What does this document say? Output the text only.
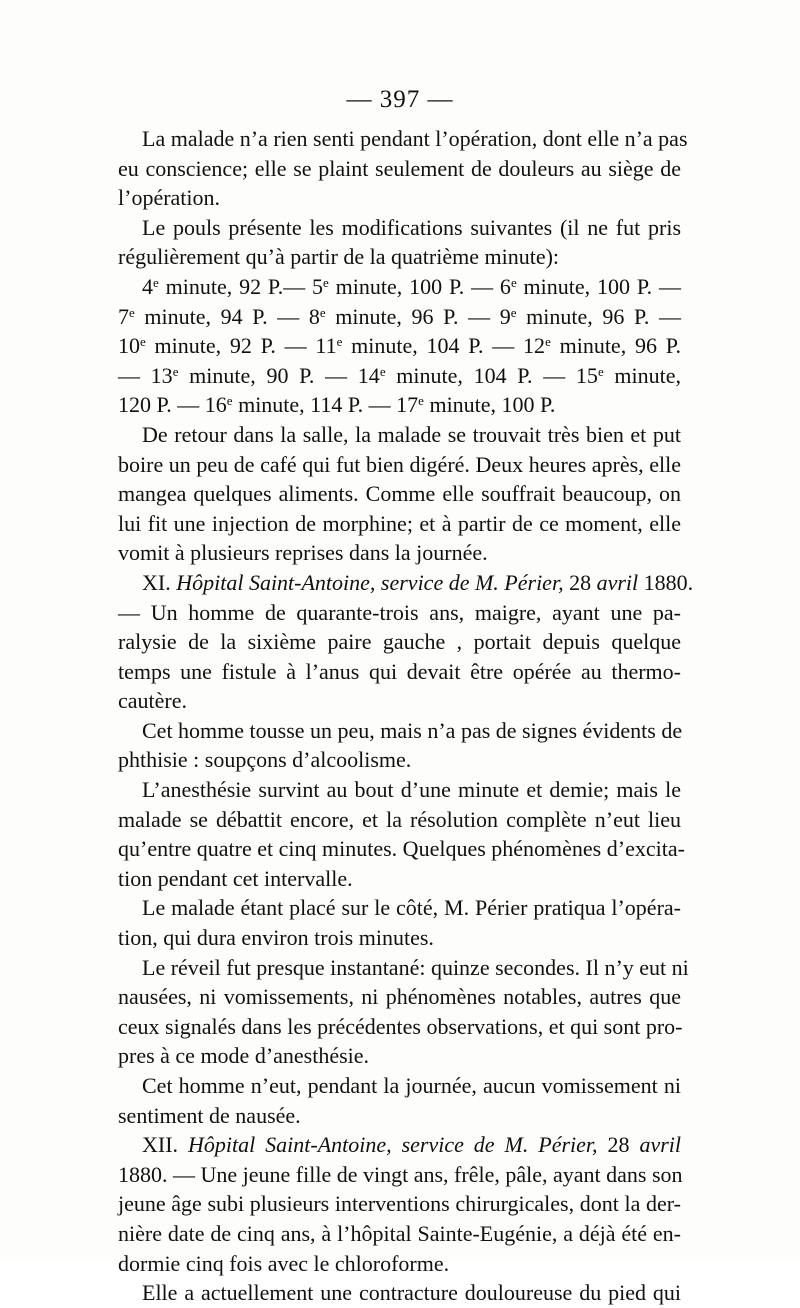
— 397 —
La malade n’a rien senti pendant l’opération, dont elle n’a pas
eu conscience; elle se plaint seulement de douleurs au siège de
l’opération.
Le pouls présente les modifications suivantes (il ne fut pris
régulièrement qu’à partir de la quatrième minute):
4e minute, 92 P.— 5e minute, 100 P. — 6e minute, 100 P. —
7e minute, 94 P. — 8e minute, 96 P. — 9e minute, 96 P. —
10e minute, 92 P. — 11e minute, 104 P. — 12e minute, 96 P.
— 13e minute, 90 P. — 14e minute, 104 P. — 15e minute,
120 P. — 16e minute, 114 P. — 17e minute, 100 P.
De retour dans la salle, la malade se trouvait très bien et put
boire un peu de café qui fut bien digéré. Deux heures après, elle
mangea quelques aliments. Comme elle souffrait beaucoup, on
lui fit une injection de morphine; et à partir de ce moment, elle
vomit à plusieurs reprises dans la journée.
XI. Hôpital Saint-Antoine, service de M. Périer, 28 avril 1880.
— Un homme de quarante-trois ans, maigre, ayant une pa-
ralysie de la sixième paire gauche , portait depuis quelque
temps une fistule à l’anus qui devait être opérée au thermo-
cautère.
Cet homme tousse un peu, mais n’a pas de signes évidents de
phthisie : soupçons d’alcoolisme.
L’anesthésie survint au bout d’une minute et demie; mais le
malade se débattit encore, et la résolution complète n’eut lieu
qu’entre quatre et cinq minutes. Quelques phénomènes d’excita-
tion pendant cet intervalle.
Le malade étant placé sur le côté, M. Périer pratiqua l’opéra-
tion, qui dura environ trois minutes.
Le réveil fut presque instantané: quinze secondes. Il n’y eut ni
nausées, ni vomissements, ni phénomènes notables, autres que
ceux signalés dans les précédentes observations, et qui sont pro-
pres à ce mode d’anesthésie.
Cet homme n’eut, pendant la journée, aucun vomissement ni
sentiment de nausée.
XII. Hôpital Saint-Antoine, service de M. Périer, 28 avril
1880. — Une jeune fille de vingt ans, frêle, pâle, ayant dans son
jeune âge subi plusieurs interventions chirurgicales, dont la der-
nière date de cinq ans, à l’hôpital Sainte-Eugénie, a déjà été en-
dormie cinq fois avec le chloroforme.
Elle a actuellement une contracture douloureuse du pied qui
